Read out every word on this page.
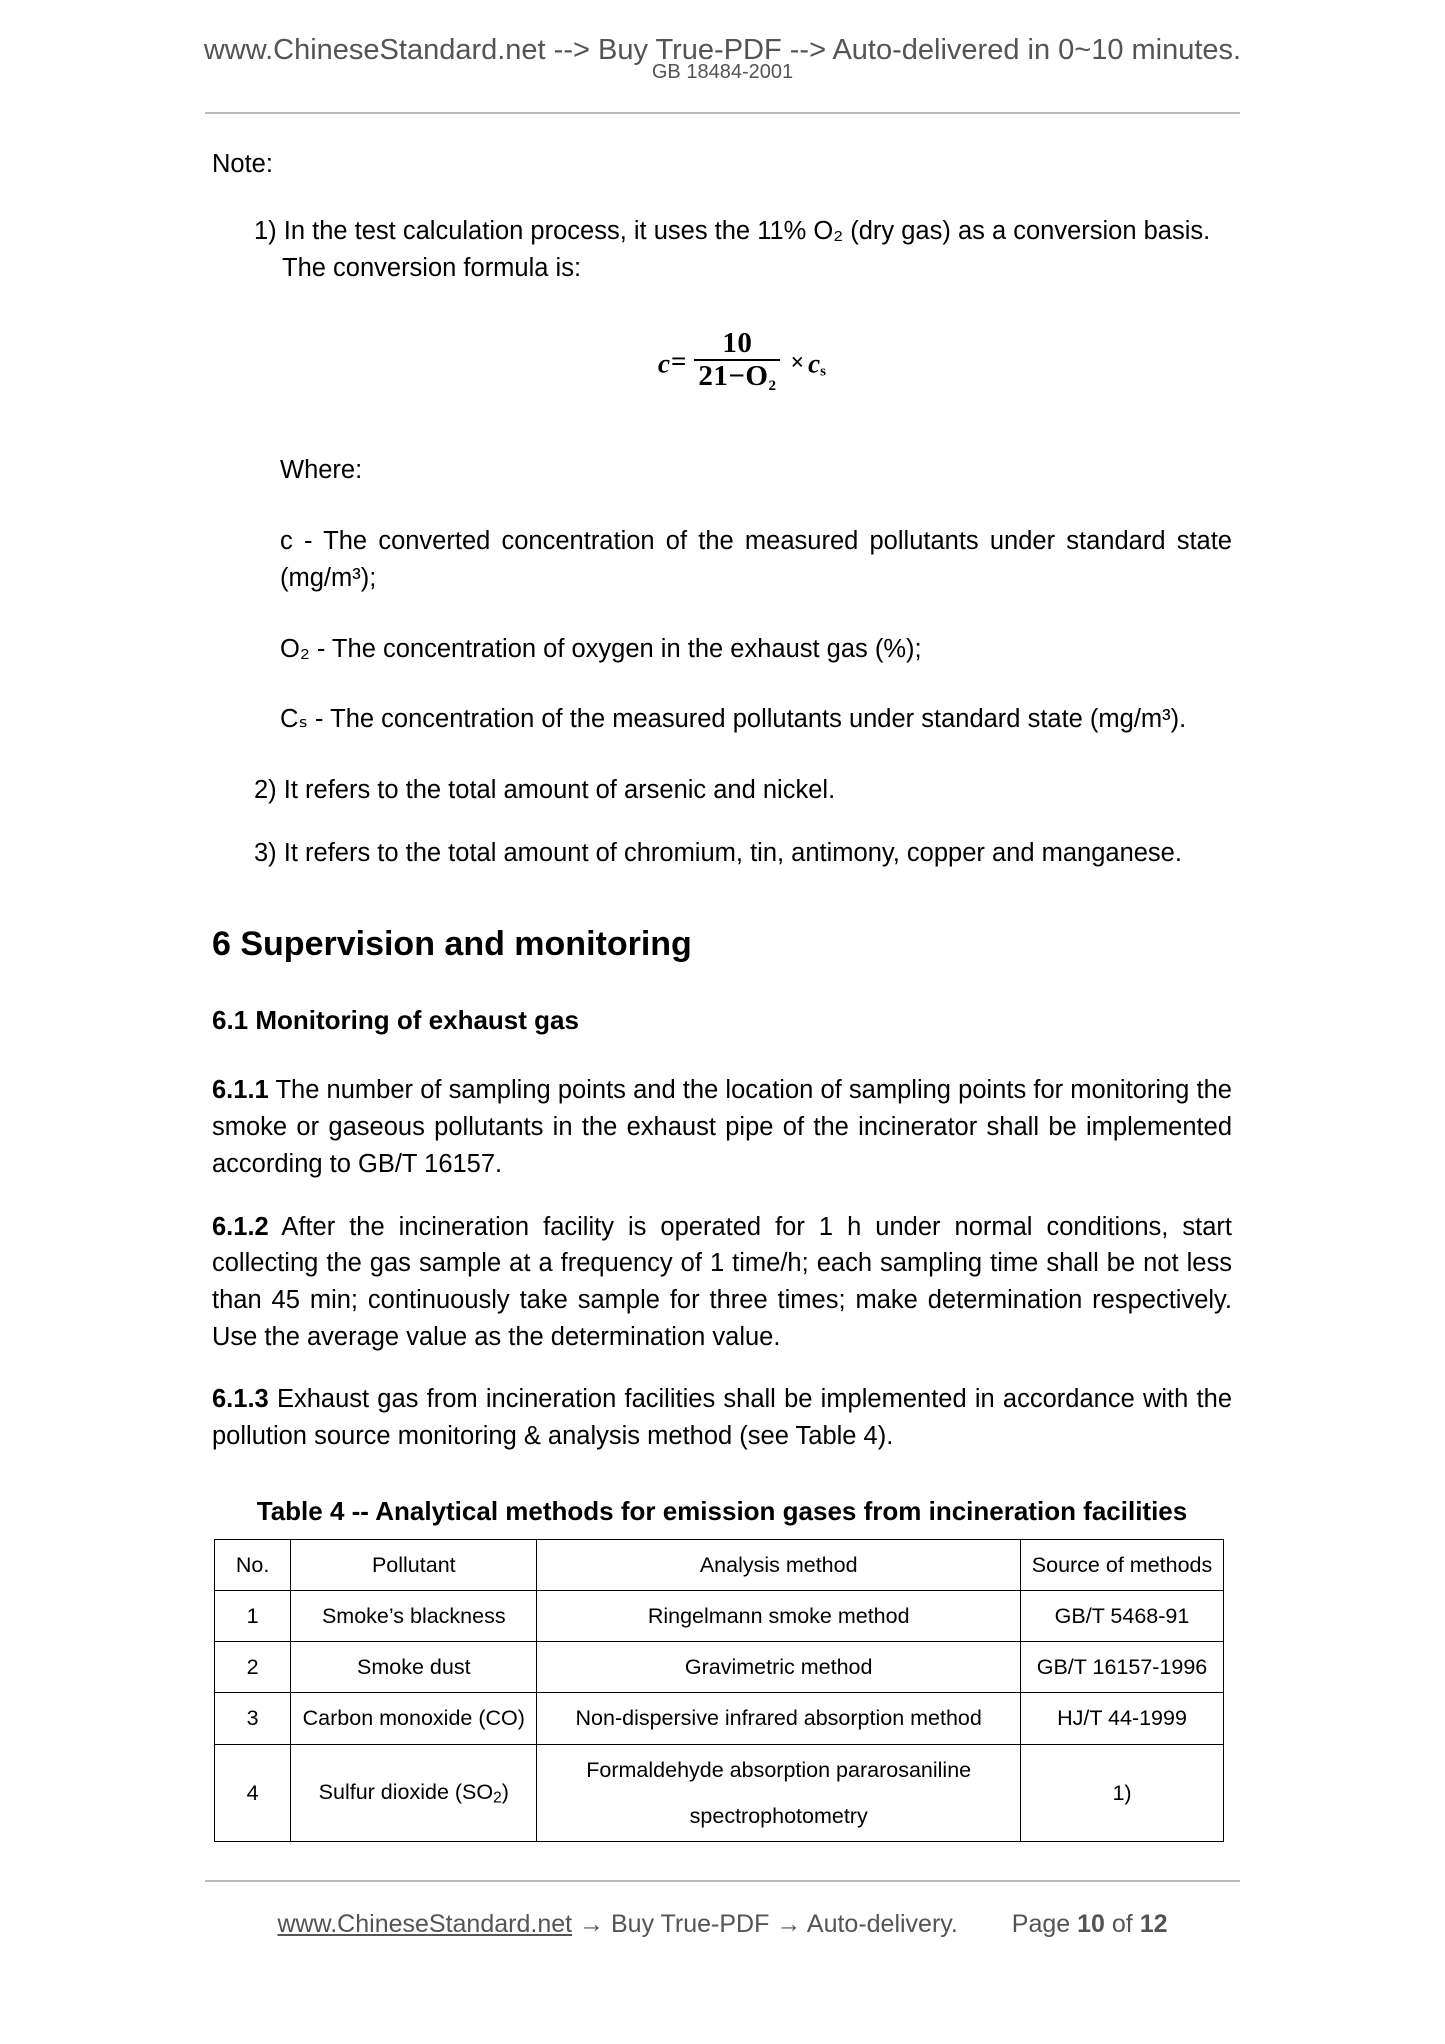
www.ChineseStandard.net --> Buy True-PDF --> Auto-delivered in 0~10 minutes.
GB 18484-2001
Note:
1) In the test calculation process, it uses the 11% O₂ (dry gas) as a conversion basis.
The conversion formula is:
$c= \frac{10}{21-O2}$ × cs

Where:

c - The converted concentration of the measured pollutants under standard state (mg/m³);

O₂ - The concentration of oxygen in the exhaust gas (%);

Cₛ - The concentration of the measured pollutants under standard state (mg/m³).

2) It refers to the total amount of arsenic and nickel.
3) It refers to the total amount of chromium, tin, antimony, copper and manganese.
6 Supervision and monitoring
6.1 Monitoring of exhaust gas

6.1.1 The number of sampling points and the location of sampling points for monitoring the smoke or gaseous pollutants in the exhaust pipe of the incinerator shall be implemented according to GB/T 16157.

6.1.2 After the incineration facility is operated for 1 h under normal conditions, start collecting the gas sample at a frequency of 1 time/h; each sampling time shall be not less than 45 min; continuously take sample for three times; make determination respectively. Use the average value as the determination value.

6.1.3 Exhaust gas from incineration facilities shall be implemented in accordance with the pollution source monitoring & analysis method (see Table 4).

Table 4 -- Analytical methods for emission gases from incineration facilities
No.	Pollutant	Analysis method	Source of methods
1	Smoke’s blackness	Ringelmann smoke method	GB/T 5468-91
2	Smoke dust	Gravimetric method	GB/T 16157-1996
3	Carbon monoxide (CO)	Non-dispersive infrared absorption method	HJ/T 44-1999
4	Sulfur dioxide $(SO_2)$	Formaldehyde absorption pararosaniline
spectrophotometry	1)
www.ChineseStandard.net → Buy True-PDF → Auto-delivery. Page 10 of 12
